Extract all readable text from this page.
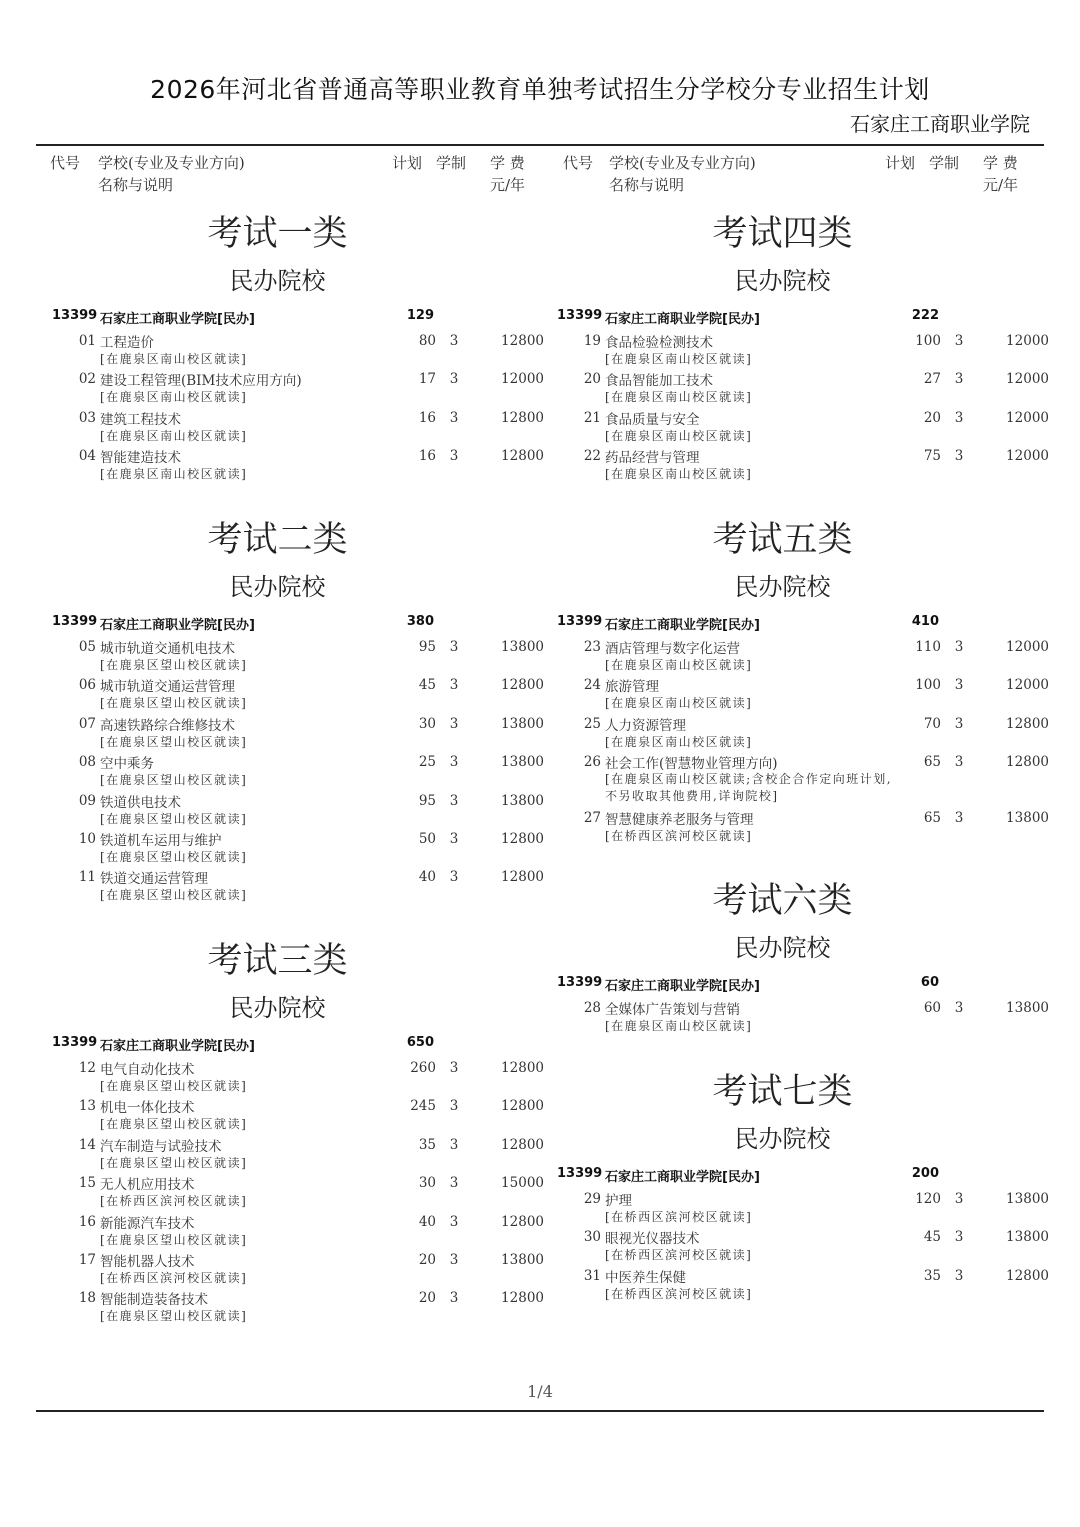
2026年河北省普通高等职业教育单独考试招生分学校分专业招生计划
石家庄工商职业学院
代号 学校(专业及专业方向)
名称与说明
计划 学制 学 费
元/年
代号 学校(专业及专业方向)
名称与说明
计划 学制 学 费
元/年
考试一类
民办院校
13399 石家庄工商职业学院[民办]	129
01 工程造价
[在鹿泉区南山校区就读]
80	3	12800
02 建设工程管理(BIM技术应用方向)
[在鹿泉区南山校区就读]
17	3	12000
03 建筑工程技术
[在鹿泉区南山校区就读]
16	3	12800
04 智能建造技术
[在鹿泉区南山校区就读]
16	3	12800
考试二类
民办院校
13399 石家庄工商职业学院[民办]	380
05 城市轨道交通机电技术
[在鹿泉区望山校区就读]
95	3	13800
06 城市轨道交通运营管理
[在鹿泉区望山校区就读]
45	3	12800
07 高速铁路综合维修技术
[在鹿泉区望山校区就读]
30	3	13800
08 空中乘务
[在鹿泉区望山校区就读]
25	3	13800
09 铁道供电技术
[在鹿泉区望山校区就读]
95	3	13800
10 铁道机车运用与维护
[在鹿泉区望山校区就读]
50	3	12800
11 铁道交通运营管理
[在鹿泉区望山校区就读]
40	3	12800
考试三类
民办院校
13399 石家庄工商职业学院[民办]	650
12 电气自动化技术
[在鹿泉区望山校区就读]
260	3	12800
13 机电一体化技术
[在鹿泉区望山校区就读]
245	3	12800
14 汽车制造与试验技术
[在鹿泉区望山校区就读]
35	3	12800
15 无人机应用技术
[在桥西区滨河校区就读]
30	3	15000
16 新能源汽车技术
[在鹿泉区望山校区就读]
40	3	12800
17 智能机器人技术
[在桥西区滨河校区就读]
20	3	13800
18 智能制造装备技术
[在鹿泉区望山校区就读]
20	3	12800
考试四类
民办院校
13399 石家庄工商职业学院[民办]	222
19 食品检验检测技术
[在鹿泉区南山校区就读]
100	3	12000
20 食品智能加工技术
[在鹿泉区南山校区就读]
27	3	12000
21 食品质量与安全
[在鹿泉区南山校区就读]
20	3	12000
22 药品经营与管理
[在鹿泉区南山校区就读]
75	3	12000
考试五类
民办院校
13399 石家庄工商职业学院[民办]	410
23 酒店管理与数字化运营
[在鹿泉区南山校区就读]
110	3	12000
24 旅游管理
[在鹿泉区南山校区就读]
100	3	12000
25 人力资源管理
[在鹿泉区南山校区就读]
70	3	12800
26 社会工作(智慧物业管理方向)
[在鹿泉区南山校区就读;含校企合作定向班计划,不另收取其他费用,详询院校]
65	3	12800
27 智慧健康养老服务与管理
[在桥西区滨河校区就读]
65	3	13800
考试六类
民办院校
13399 石家庄工商职业学院[民办]	60
28 全媒体广告策划与营销
[在鹿泉区南山校区就读]
60	3	13800
考试七类
民办院校
13399 石家庄工商职业学院[民办]	200
29 护理
[在桥西区滨河校区就读]
120	3	13800
30 眼视光仪器技术
[在桥西区滨河校区就读]
45	3	13800
31 中医养生保健
[在桥西区滨河校区就读]
35	3	12800
1/4
